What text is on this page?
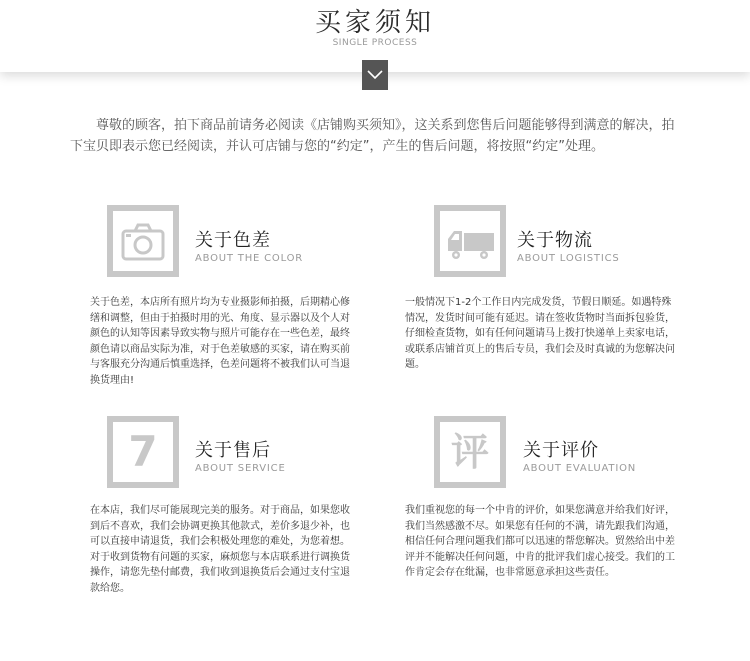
买家须知
SINGLE PROCESS
尊敬的顾客，拍下商品前请务必阅读《店铺购买须知》，这关系到您售后问题能够得到满意的解决，拍下宝贝即表示您已经阅读，并认可店铺与您的“约定”，产生的售后问题，将按照“约定”处理。
关于色差
ABOUT THE COLOR
关于色差，本店所有照片均为专业摄影师拍摄，后期精心修缮和调整，但由于拍摄时用的光、角度、显示器以及个人对颜色的认知等因素导致实物与照片可能存在一些色差，最终颜色请以商品实际为准，对于色差敏感的买家，请在购买前与客服充分沟通后慎重选择，色差问题将不被我们认可当退换货理由!
关于物流
ABOUT LOGISTICS
一般情况下1-2个工作日内完成发货，节假日顺延。如遇特殊情况，发货时间可能有延迟。请在签收货物时当面拆包验货，仔细检查货物，如有任何问题请马上拨打快递单上卖家电话，或联系店铺首页上的售后专员，我们会及时真诚的为您解决问题。
7	关于售后
ABOUT SERVICE
在本店，我们尽可能展现完美的服务。对于商品，如果您收到后不喜欢，我们会协调更换其他款式，差价多退少补，也可以直接申请退货，我们会积极处理您的难处，为您着想。对于收到货物有问题的买家，麻烦您与本店联系进行调换货操作，请您先垫付邮费，我们收到退换货后会通过支付宝退款给您。
评	关于评价
ABOUT EVALUATION
我们重视您的每一个中肯的评价，如果您满意并给我们好评，我们当然感激不尽。如果您有任何的不满，请先跟我们沟通，相信任何合理问题我们都可以迅速的帮您解决。贸然给出中差评并不能解决任何问题，中肯的批评我们虚心接受。我们的工作肯定会存在纰漏，也非常愿意承担这些责任。
